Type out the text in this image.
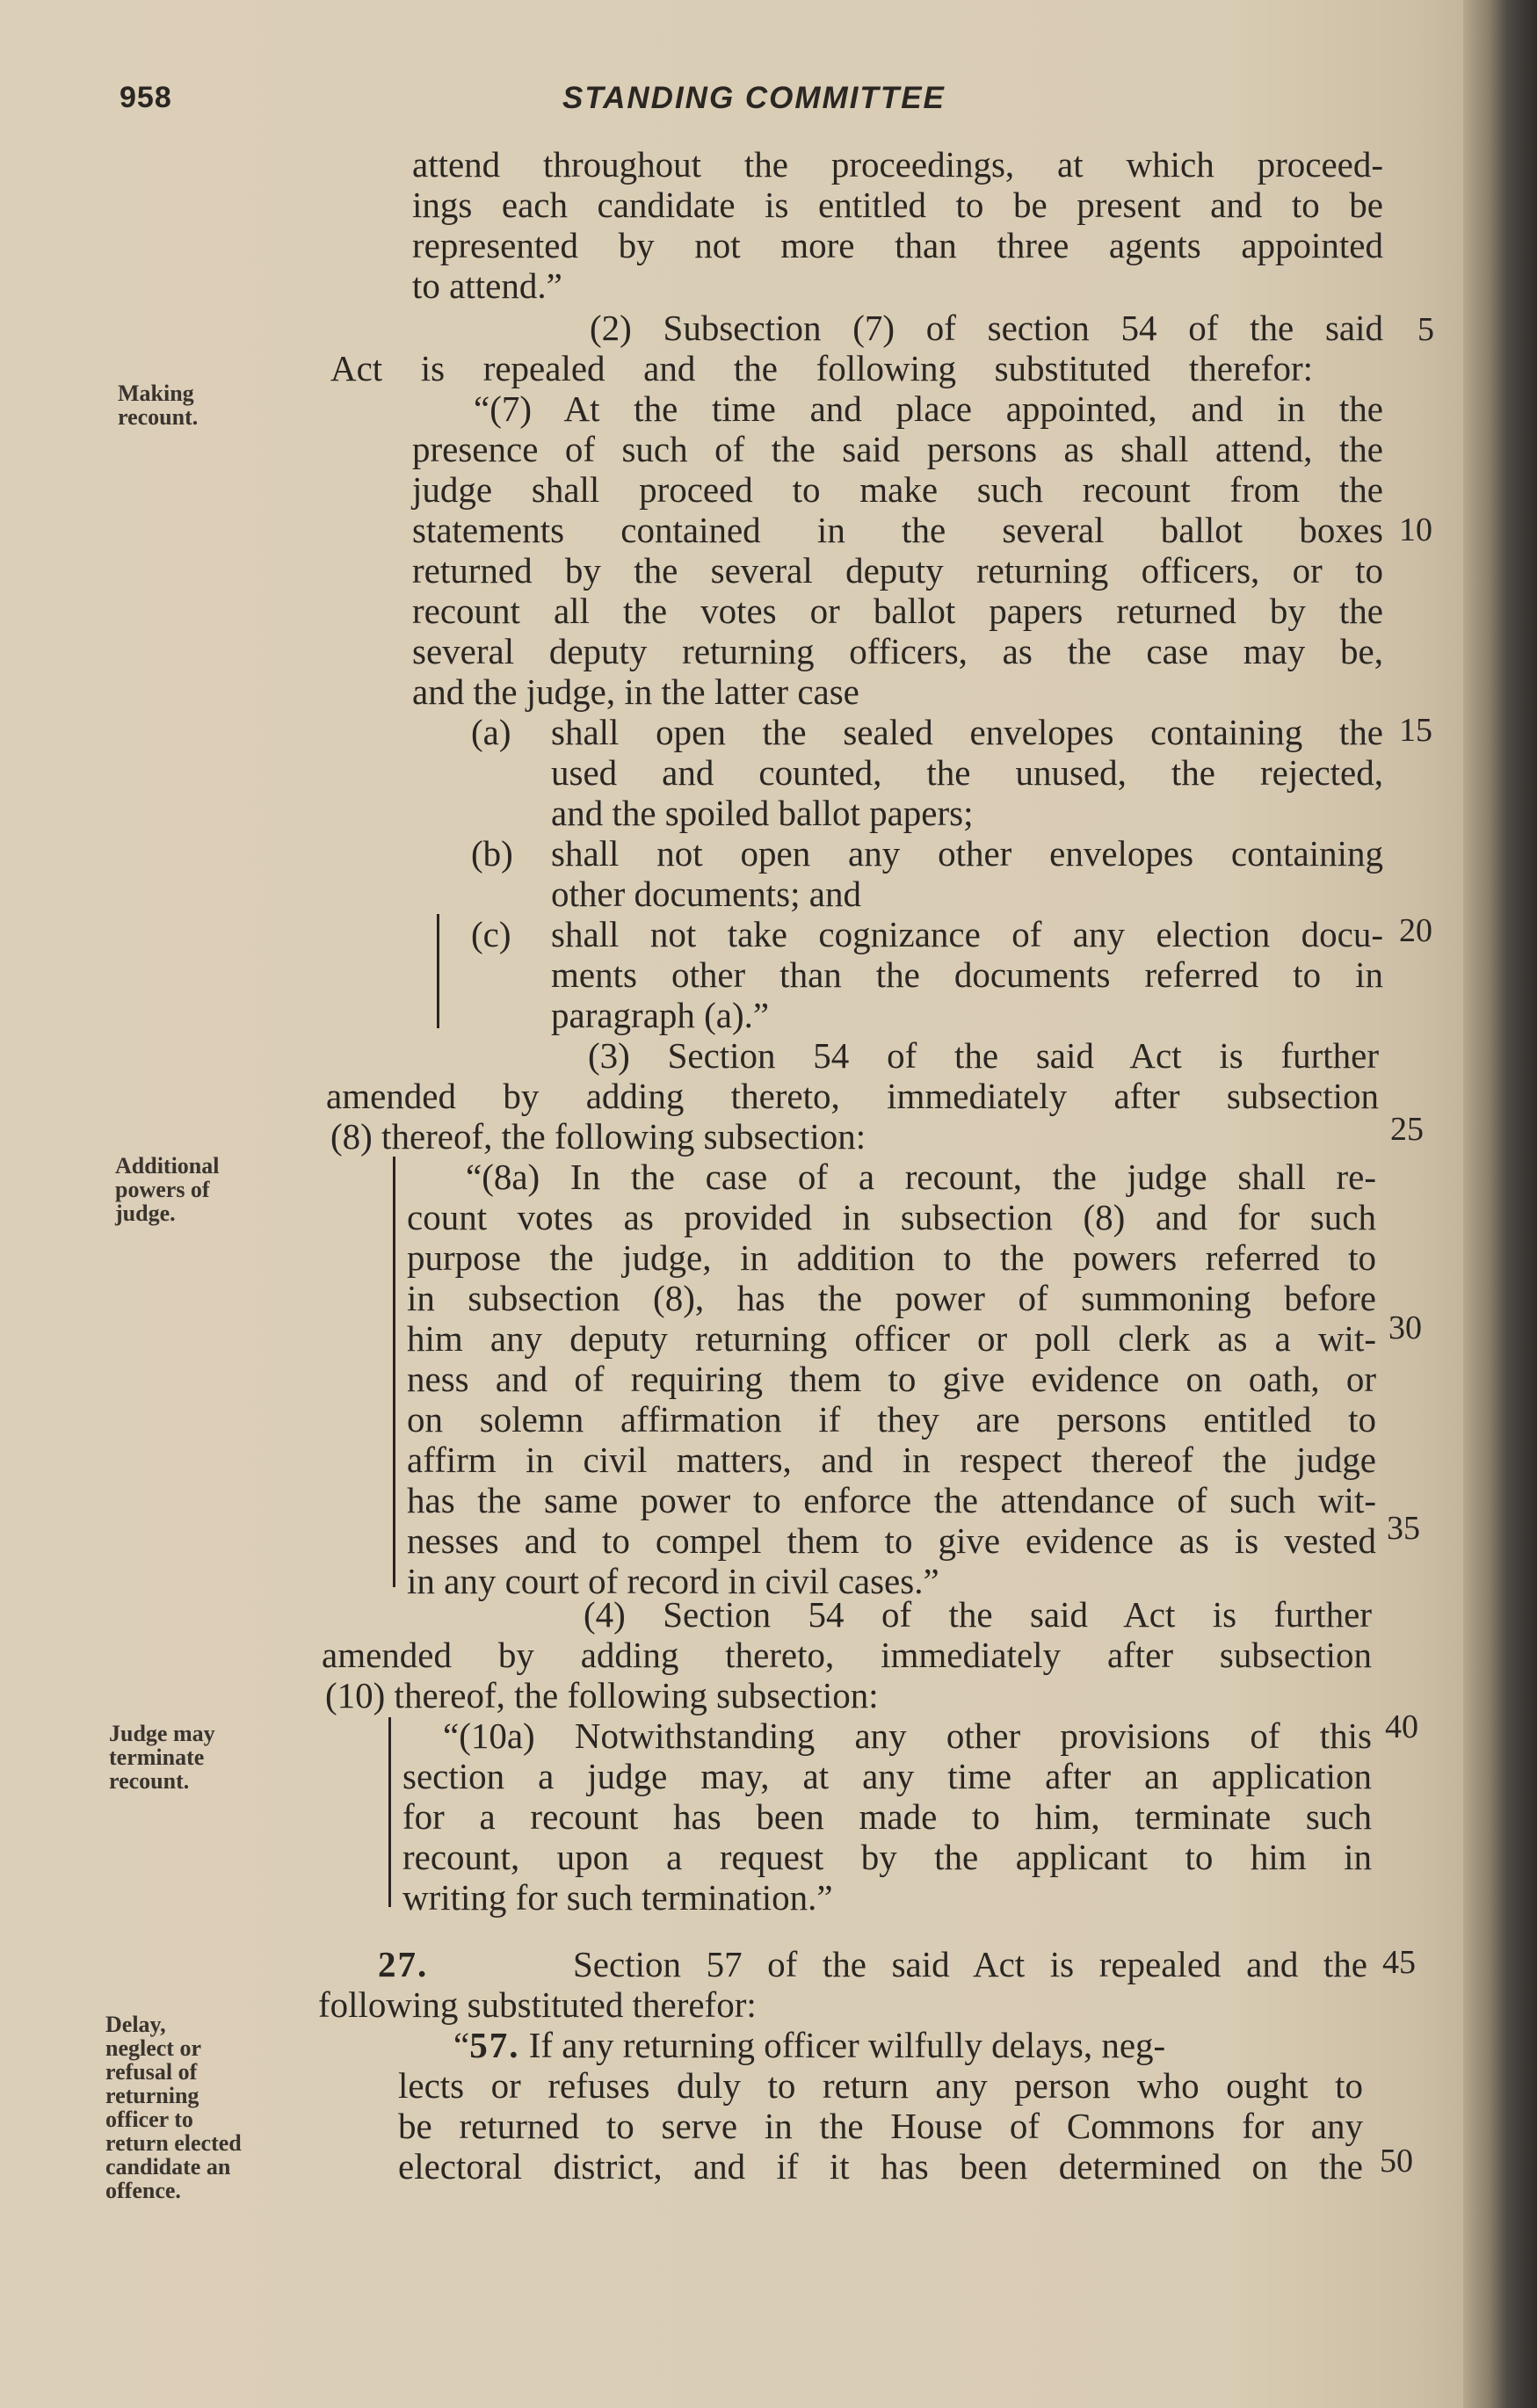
958	STANDING COMMITTEE
Making
recount.
Additional
powers of
judge.
Judge may
terminate
recount.
Delay,
neglect or
refusal of
returning
officer to
return elected
candidate an
offence.
5
10
15
20
25
30
35
40
45
50
attend throughout the proceedings, at which proceed-
ings each candidate is entitled to be present and to be
represented by not more than three agents appointed
to attend.”
(2) Subsection (7) of section 54 of the said
Act is repealed and the following substituted therefor:
“(7) At the time and place appointed, and in the
presence of such of the said persons as shall attend, the
judge shall proceed to make such recount from the
statements contained in the several ballot boxes
returned by the several deputy returning officers, or to
recount all the votes or ballot papers returned by the
several deputy returning officers, as the case may be,
and the judge, in the latter case
(a) shall open the sealed envelopes containing the
used and counted, the unused, the rejected,
and the spoiled ballot papers;
(b) shall not open any other envelopes containing
other documents; and
(c) shall not take cognizance of any election docu-
ments other than the documents referred to in
paragraph (a).”
(3) Section 54 of the said Act is further
amended by adding thereto, immediately after subsection
(8) thereof, the following subsection:
“(8a) In the case of a recount, the judge shall re-
count votes as provided in subsection (8) and for such
purpose the judge, in addition to the powers referred to
in subsection (8), has the power of summoning before
him any deputy returning officer or poll clerk as a wit-
ness and of requiring them to give evidence on oath, or
on solemn affirmation if they are persons entitled to
affirm in civil matters, and in respect thereof the judge
has the same power to enforce the attendance of such wit-
nesses and to compel them to give evidence as is vested
in any court of record in civil cases.”
(4) Section 54 of the said Act is further
amended by adding thereto, immediately after subsection
(10) thereof, the following subsection:
“(10a) Notwithstanding any other provisions of this
section a judge may, at any time after an application
for a recount has been made to him, terminate such
recount, upon a request by the applicant to him in
writing for such termination.”
27.	Section 57 of the said Act is repealed and the
following substituted therefor:
“57. If any returning officer wilfully delays, neg-
lects or refuses duly to return any person who ought to
be returned to serve in the House of Commons for any
electoral district, and if it has been determined on the
